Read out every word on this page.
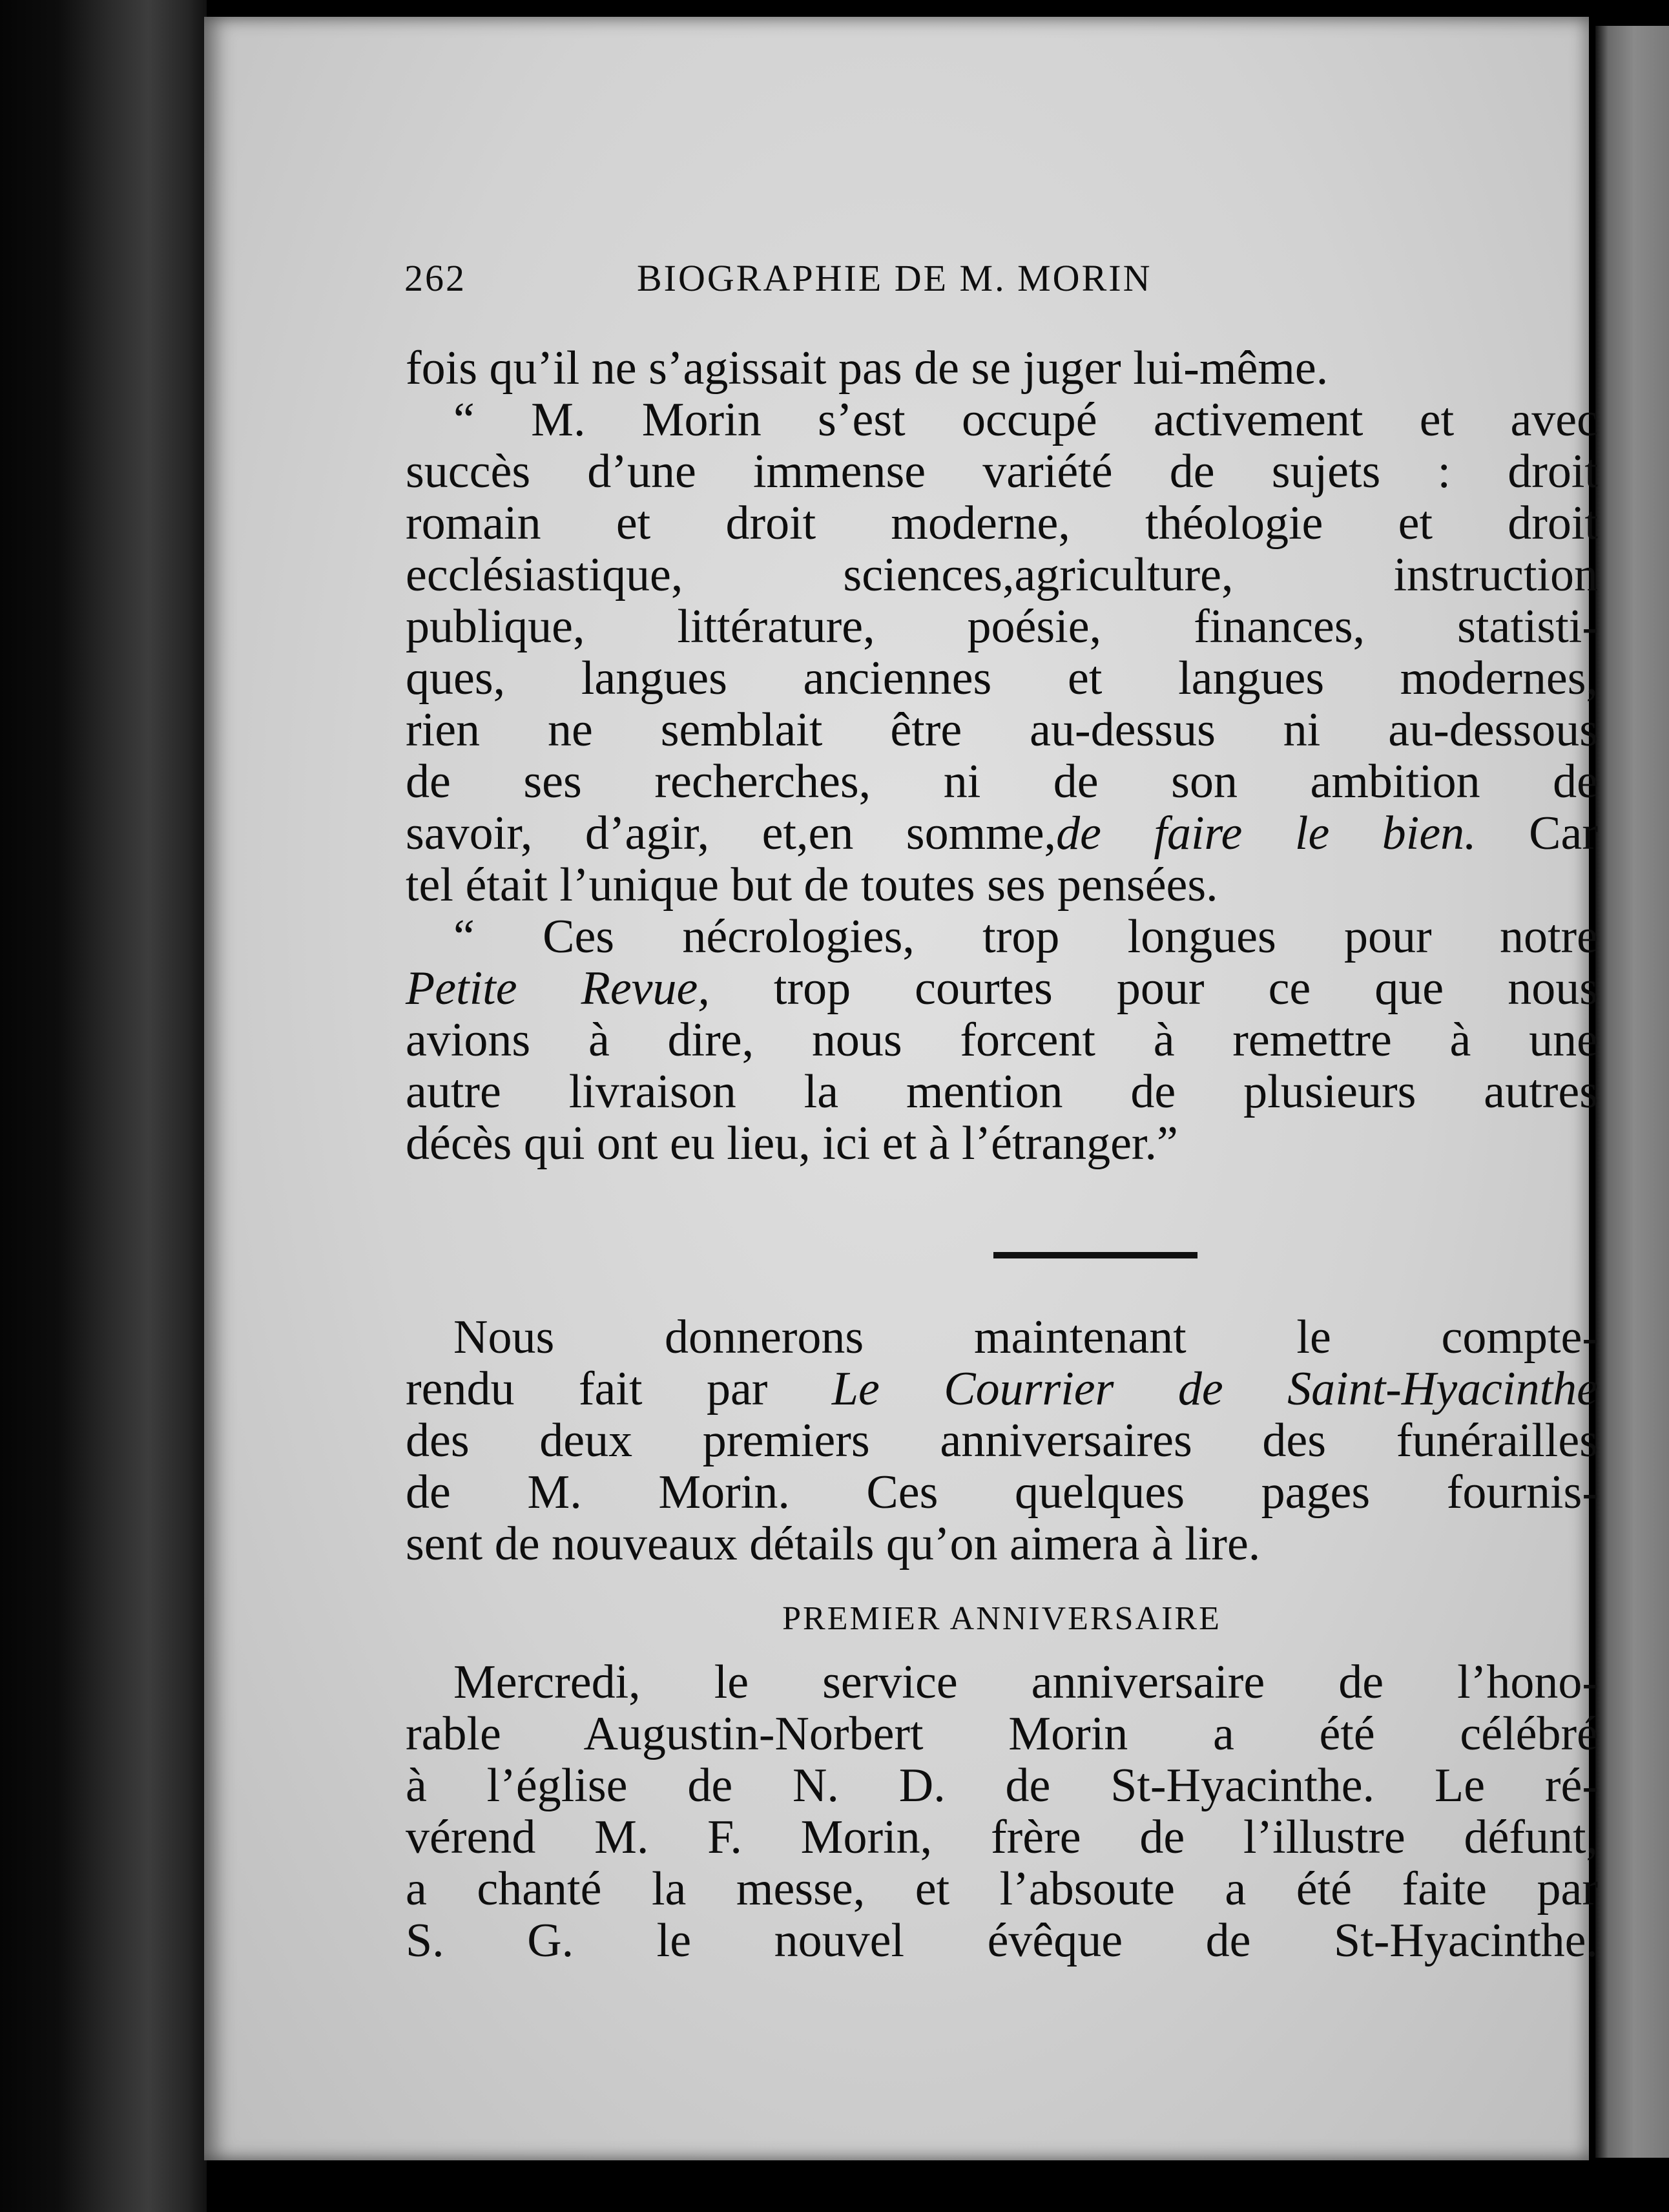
262	BIOGRAPHIE DE M. MORIN
fois qu’il ne s’agissait pas de se juger lui-même.
“ M. Morin s’est occupé activement et avec
succès d’une immense variété de sujets : droit
romain et droit moderne, théologie et droit
ecclésiastique, sciences,agriculture, instruction
publique, littérature, poésie, finances, statisti-
ques, langues anciennes et langues modernes,
rien ne semblait être au-dessus ni au-dessous
de ses recherches, ni de son ambition de
savoir, d’agir, et,en somme,de faire le bien. Car
tel était l’unique but de toutes ses pensées.
“ Ces nécrologies, trop longues pour notre
Petite Revue, trop courtes pour ce que nous
avions à dire, nous forcent à remettre à une
autre livraison la mention de plusieurs autres
décès qui ont eu lieu, ici et à l’étranger.”
Nous donnerons maintenant le compte-
rendu fait par Le Courrier de Saint-Hyacinthe
des deux premiers anniversaires des funérailles
de M. Morin. Ces quelques pages fournis-
sent de nouveaux détails qu’on aimera à lire.
PREMIER ANNIVERSAIRE
Mercredi, le service anniversaire de l’hono-
rable Augustin-Norbert Morin a été célébré
à l’église de N. D. de St-Hyacinthe. Le ré-
vérend M. F. Morin, frère de l’illustre défunt,
a chanté la messe, et l’absoute a été faite par
S. G. le nouvel évêque de St-Hyacinthe.
